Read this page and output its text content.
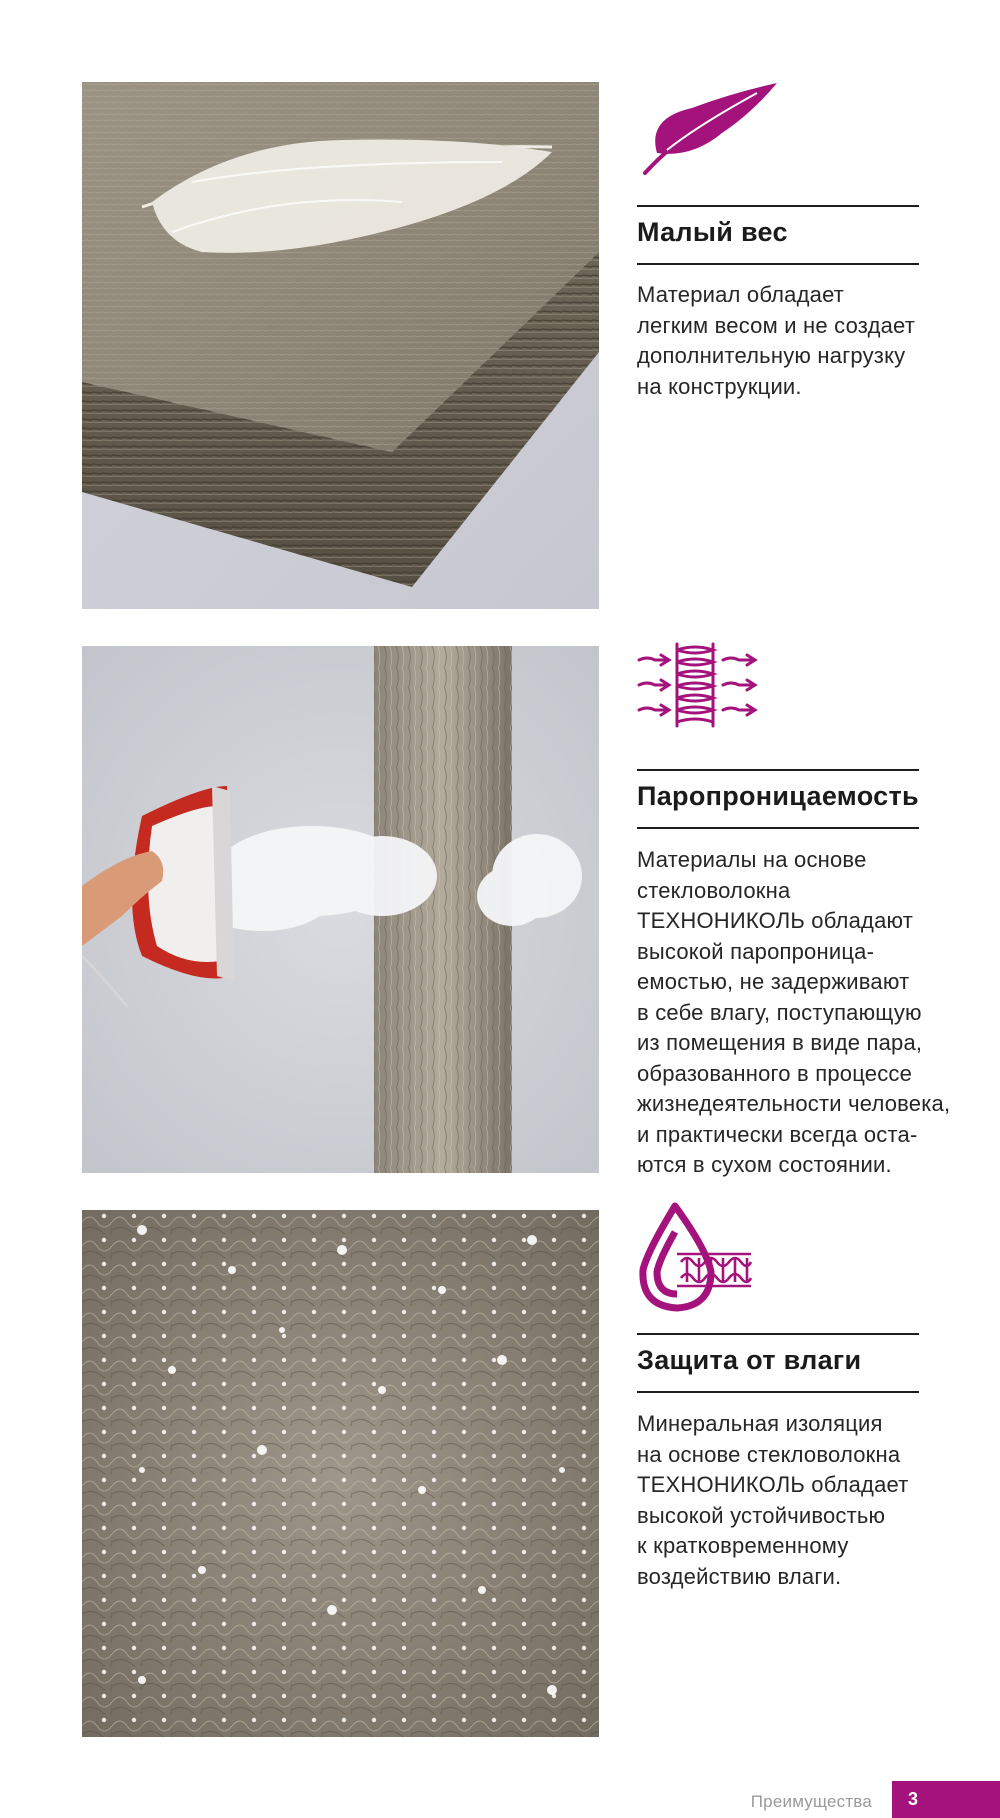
Малый вес
Материал обладает
легким весом и не создает
дополнительную нагрузку
на конструкции.
Паропроницаемость
Материалы на основе
стекловолокна
ТЕХНОНИКОЛЬ обладают
высокой паропроница-
емостью, не задерживают
в себе влагу, поступающую
из помещения в виде пара,
образованного в процессе
жизнедеятельности человека,
и практически всегда оста-
ются в сухом состоянии.
Защита от влаги
Минеральная изоляция
на основе стекловолокна
ТЕХНОНИКОЛЬ обладает
высокой устойчивостью
к кратковременному
воздействию влаги.
Преимущества 3
